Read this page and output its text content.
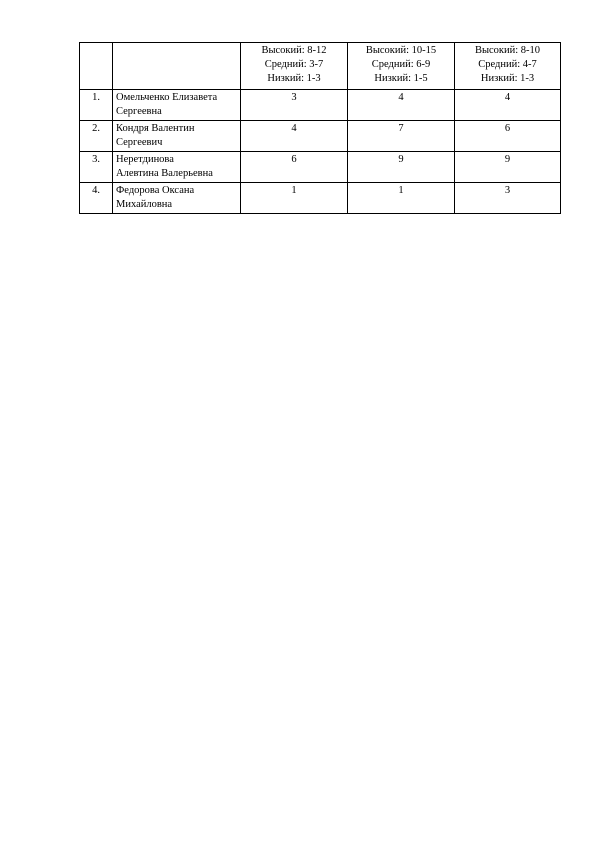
		Высокий: 8-12
Средний: 3-7
Низкий: 1-3	Высокий: 10-15
Средний: 6-9
Низкий: 1-5	Высокий: 8-10
Средний: 4-7
Низкий: 1-3

1.	Омельченко Елизавета
Сергеевна	3	4	4
2.	Кондря Валентин
Сергеевич	4	7	6
3.	Неретдинова
Алевтина Валерьевна	6	9	9
4.	Федорова Оксана
Михайловна	1	1	3
